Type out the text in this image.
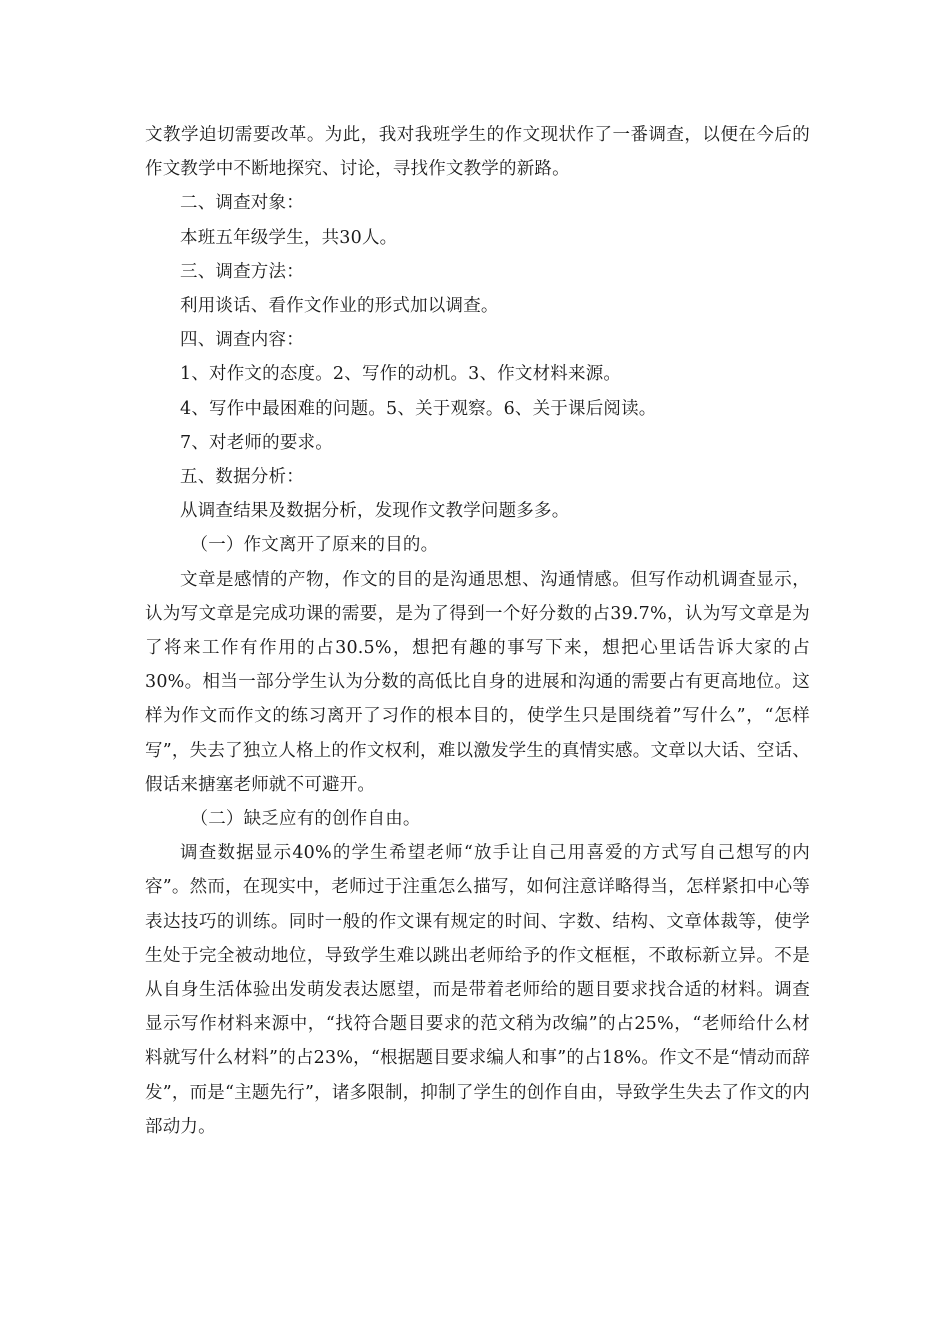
文教学迫切需要改革。为此，我对我班学生的作文现状作了一番调查，以便在今后的作文教学中不断地探究、讨论，寻找作文教学的新路。

二、调查对象：

本班五年级学生，共30人。

三、调查方法：

利用谈话、看作文作业的形式加以调查。

四、调查内容：

1、对作文的态度。2、写作的动机。3、作文材料来源。

4、写作中最困难的问题。5、关于观察。6、关于课后阅读。

7、对老师的要求。

五、数据分析：

从调查结果及数据分析，发现作文教学问题多多。

（一）作文离开了原来的目的。

文章是感情的产物，作文的目的是沟通思想、沟通情感。但写作动机调查显示，认为写文章是完成功课的需要，是为了得到一个好分数的占39.7%，认为写文章是为了将来工作有作用的占30.5%，想把有趣的事写下来，想把心里话告诉大家的占30%。相当一部分学生认为分数的高低比自身的进展和沟通的需要占有更高地位。这样为作文而作文的练习离开了习作的根本目的，使学生只是围绕着”写什么”，“怎样写”，失去了独立人格上的作文权利，难以激发学生的真情实感。文章以大话、空话、假话来搪塞老师就不可避开。

（二）缺乏应有的创作自由。

调查数据显示40%的学生希望老师“放手让自己用喜爱的方式写自己想写的内容”。然而，在现实中，老师过于注重怎么描写，如何注意详略得当，怎样紧扣中心等表达技巧的训练。同时一般的作文课有规定的时间、字数、结构、文章体裁等，使学生处于完全被动地位，导致学生难以跳出老师给予的作文框框，不敢标新立异。不是从自身生活体验出发萌发表达愿望，而是带着老师给的题目要求找合适的材料。调查显示写作材料来源中，“找符合题目要求的范文稍为改编”的占25%，“老师给什么材料就写什么材料”的占23%，“根据题目要求编人和事”的占18%。作文不是“情动而辞发”，而是“主题先行”，诸多限制，抑制了学生的创作自由，导致学生失去了作文的内部动力。
